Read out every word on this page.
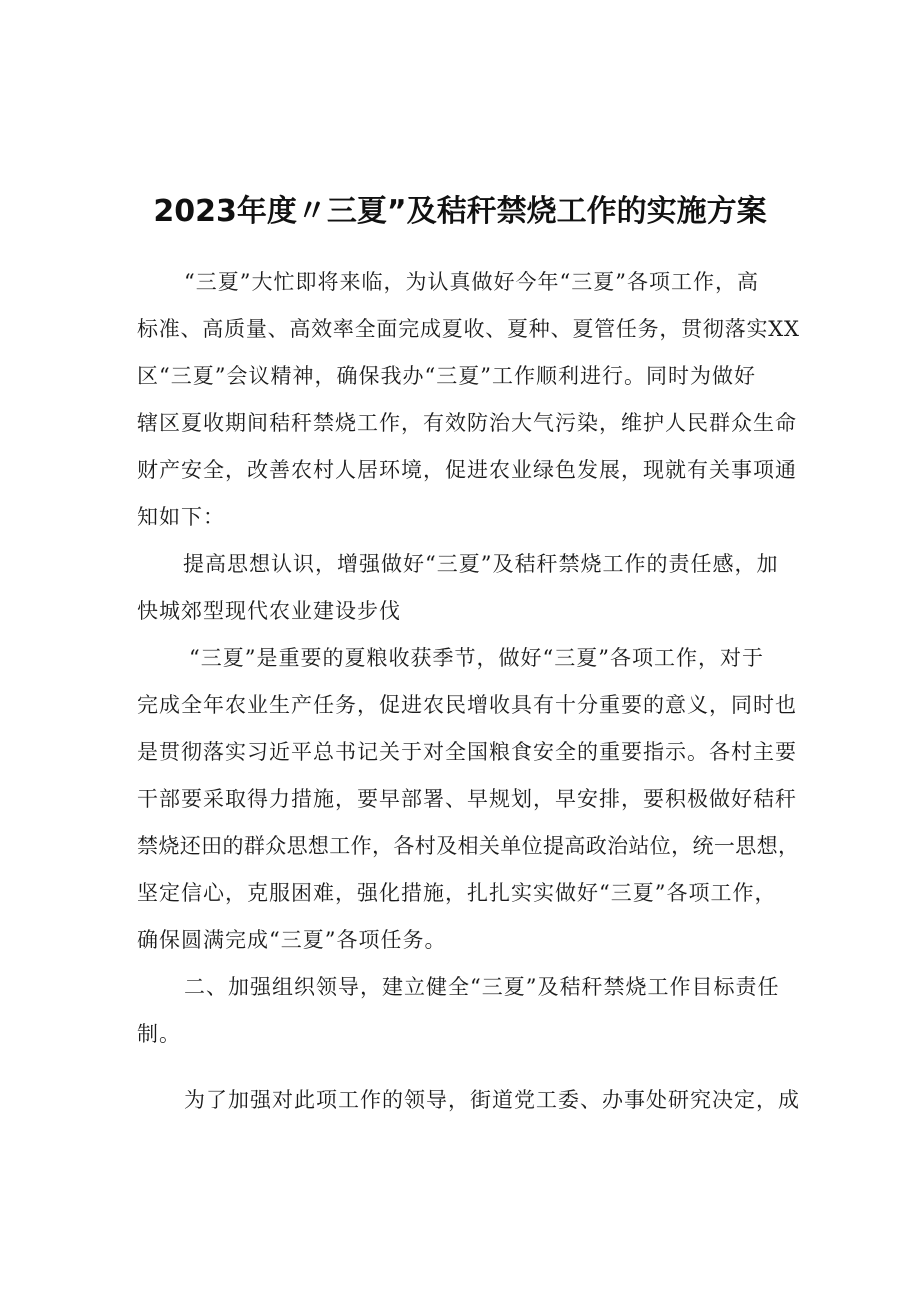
2023年度〃三夏”及秸秆禁烧工作的实施方案
“三夏”大忙即将来临，为认真做好今年“三夏”各项工作，高
标准、高质量、高效率全面完成夏收、夏种、夏管任务，贯彻落实XX
区“三夏”会议精神，确保我办“三夏”工作顺利进行。同时为做好
辖区夏收期间秸秆禁烧工作，有效防治大气污染，维护人民群众生命
财产安全，改善农村人居环境，促进农业绿色发展，现就有关事项通
知如下：
提高思想认识，增强做好“三夏”及秸秆禁烧工作的责任感，加
快城郊型现代农业建设步伐
“三夏”是重要的夏粮收获季节，做好“三夏”各项工作，对于
完成全年农业生产任务，促进农民增收具有十分重要的意义，同时也
是贯彻落实习近平总书记关于对全国粮食安全的重要指示。各村主要
干部要采取得力措施，要早部署、早规划，早安排，要积极做好秸秆
禁烧还田的群众思想工作，各村及相关单位提高政治站位，统一思想，
坚定信心，克服困难，强化措施，扎扎实实做好“三夏”各项工作，
确保圆满完成“三夏”各项任务。
二、加强组织领导，建立健全“三夏”及秸秆禁烧工作目标责任
制。
为了加强对此项工作的领导，街道党工委、办事处研究决定，成
